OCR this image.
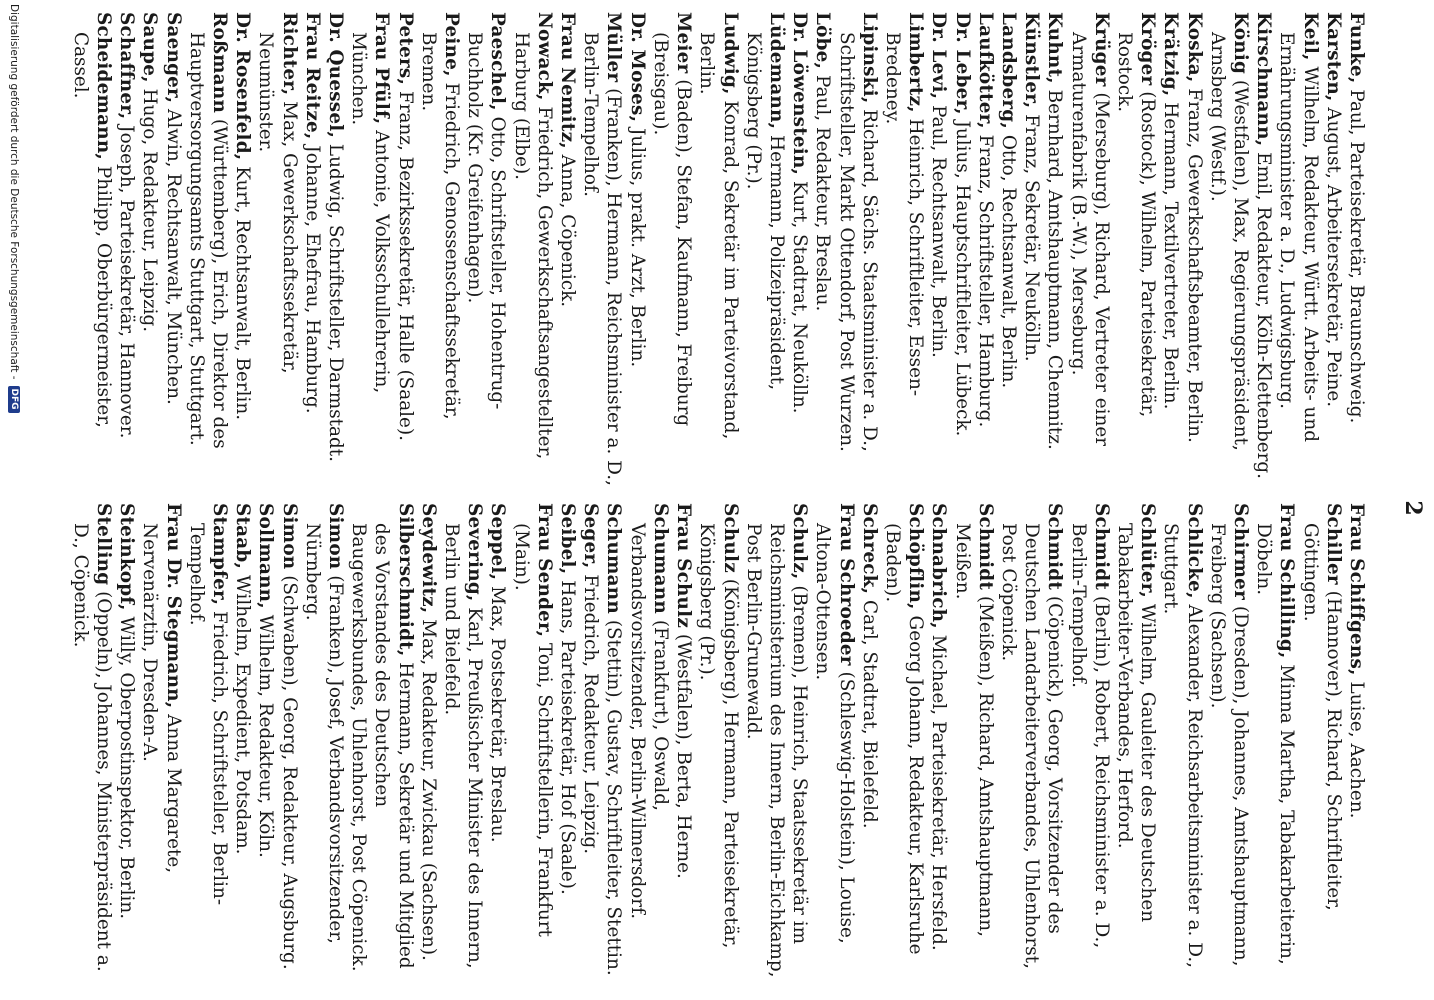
2

Funke, Paul, Parteisekretär, Braunschweig.

Karsten, August, Arbeitersekretär, Peine.

Keil, Wilhelm, Redakteur, Württ. Arbeits- und Ernährungsminister a. D., Ludwigsburg.

Kirschmann, Emil, Redakteur, Köln-Klettenberg.

König (Westfalen), Max, Regierungspräsident, Arnsberg (Westf.).

Koska, Franz, Gewerkschaftsbeamter, Berlin.

Krätzig, Hermann, Textilvertreter, Berlin.

Kröger (Rostock), Wilhelm, Parteisekretär, Rostock.

Krüger (Merseburg), Richard, Vertreter einer Armaturenfabrik (B.-W.), Merseburg.

Kuhnt, Bernhard, Amtshauptmann, Chemnitz.

Künstler, Franz, Sekretär, Neukölln.

Landsberg, Otto, Rechtsanwalt, Berlin.

Laufkötter, Franz, Schriftsteller, Hamburg.

Dr. Leber, Julius, Hauptschriftleiter, Lübeck.

Dr. Levi, Paul, Rechtsanwalt, Berlin.

Limbertz, Heinrich, Schriftleiter, Essen-Bredeney.

Lipinski, Richard, Sächs. Staatsminister a. D., Schriftsteller, Markt Ottendorf, Post Wurzen.

Löbe, Paul, Redakteur, Breslau.

Dr. Löwenstein, Kurt, Stadtrat, Neukölln.

Lüdemann, Hermann, Polizeipräsident, Königsberg (Pr.).

Ludwig, Konrad, Sekretär im Parteivorstand, Berlin.

Meier (Baden), Stefan, Kaufmann, Freiburg (Breisgau).

Dr. Moses, Julius, prakt. Arzt, Berlin.

Müller (Franken), Hermann, Reichsminister a. D., Berlin-Tempelhof.

Frau Nemitz, Anna, Cöpenick.

Nowack, Friedrich, Gewerkschaftsangestellter, Harburg (Elbe).

Paeschel, Otto, Schriftsteller, Hohentrug-Buchholz (Kr. Greifenhagen).

Peine, Friedrich, Genossenschaftssekretär, Bremen.

Peters, Franz, Bezirkssekretär, Halle (Saale).

Frau Pfülf, Antonie, Volksschullehrerin, München.

Dr. Quessel, Ludwig, Schriftsteller, Darmstadt.

Frau Reitze, Johanne, Ehefrau, Hamburg.

Richter, Max, Gewerkschaftssekretär, Neumünster.

Dr. Rosenfeld, Kurt, Rechtsanwalt, Berlin.

Roßmann (Württemberg), Erich, Direktor des Hauptversorgungsamts Stuttgart, Stuttgart.

Saenger, Alwin, Rechtsanwalt, München.

Saupe, Hugo, Redakteur, Leipzig.

Schaffner, Joseph, Parteisekretär, Hannover.

Scheidemann, Philipp, Oberbürgermeister, Cassel.

Frau Schiffgens, Luise, Aachen.

Schiller (Hannover), Richard, Schriftleiter, Göttingen.

Frau Schilling, Minna Martha, Tabakarbeiterin, Döbeln.

Schirmer (Dresden), Johannes, Amtshauptmann, Freiberg (Sachsen).

Schlicke, Alexander, Reichsarbeitsminister a. D., Stuttgart.

Schlüter, Wilhelm, Gauleiter des Deutschen Tabakarbeiter-Verbandes, Herford.

Schmidt (Berlin), Robert, Reichsminister a. D., Berlin-Tempelhof.

Schmidt (Cöpenick), Georg, Vorsitzender des Deutschen Landarbeiterverbandes, Uhlenhorst, Post Cöpenick.

Schmidt (Meißen), Richard, Amtshauptmann, Meißen.

Schnabrich, Michael, Parteisekretär, Hersfeld.

Schöpflin, Georg Johann, Redakteur, Karlsruhe (Baden).

Schreck, Carl, Stadtrat, Bielefeld.

Frau Schroeder (Schleswig-Holstein), Louise, Altona-Ottensen.

Schulz, (Bremen), Heinrich, Staatssekretär im Reichsministerium des Innern, Berlin-Eichkamp, Post Berlin-Grunewald.

Schulz (Königsberg), Hermann, Parteisekretär, Königsberg (Pr.).

Frau Schulz (Westfalen), Berta, Herne.

Schumann (Frankfurt), Oswald, Verbandsvorsitzender, Berlin-Wilmersdorf.

Schumann (Stettin), Gustav, Schriftleiter, Stettin.

Seger, Friedrich, Redakteur, Leipzig.

Seibel, Hans, Parteisekretär, Hof (Saale).

Frau Sender, Toni, Schriftstellerin, Frankfurt (Main).

Seppel, Max, Postsekretär, Breslau.

Severing, Karl, Preußischer Minister des Innern, Berlin und Bielefeld.

Seydewitz, Max, Redakteur, Zwickau (Sachsen).

Silberschmidt, Hermann, Sekretär und Mitglied des Vorstandes des Deutschen Baugewerksbundes, Uhlenhorst, Post Cöpenick.

Simon (Franken), Josef, Verbandsvorsitzender, Nürnberg.

Simon (Schwaben), Georg, Redakteur, Augsburg.

Sollmann, Wilhelm, Redakteur, Köln.

Staab, Wilhelm, Expedient, Potsdam.

Stampfer, Friedrich, Schriftsteller, Berlin-Tempelhof.

Frau Dr. Stegmann, Anna Margarete, Nervenärztin, Dresden-A.

Steinkopf, Willy, Oberpostinspektor, Berlin.

Stelling (Oppeln), Johannes, Ministerpräsident a. D., Cöpenick.

Digitalisierung gefördert durch die Deutsche Forschungsgemeinschaft -
DFG
